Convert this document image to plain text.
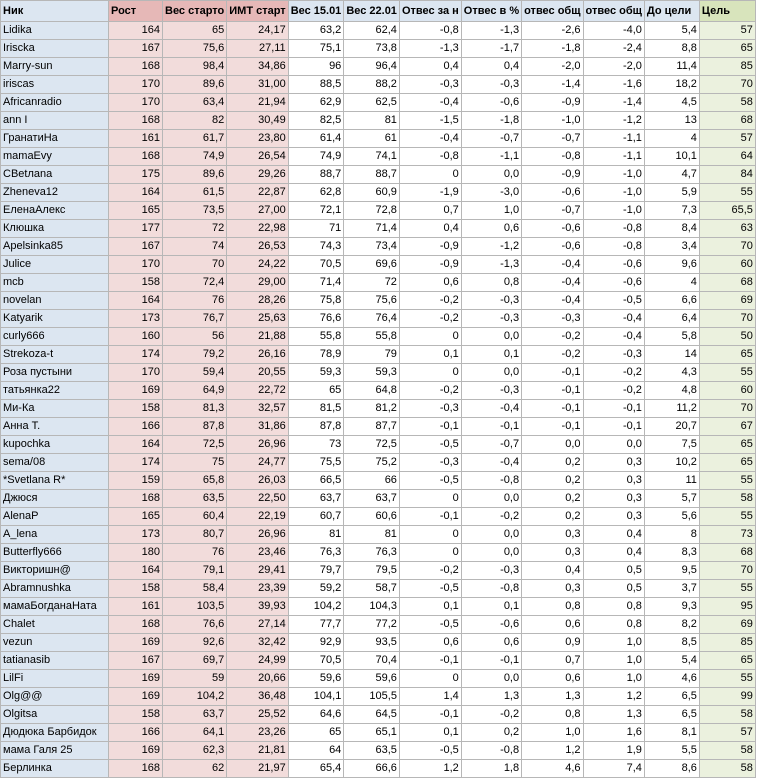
Ник	Рост	Вес старто	ИМТ старт	Вес 15.01	Вес 22.01	Отвес за н	Отвес в %	отвес общ	отвес общ	До цели	Цель
Lidika	164	65	24,17	63,2	62,4	-0,8	-1,3	-2,6	-4,0	5,4	57
Iriscka	167	75,6	27,11	75,1	73,8	-1,3	-1,7	-1,8	-2,4	8,8	65
Marry-sun	168	98,4	34,86	96	96,4	0,4	0,4	-2,0	-2,0	11,4	85
iriscas	170	89,6	31,00	88,5	88,2	-0,3	-0,3	-1,4	-1,6	18,2	70
Africanradio	170	63,4	21,94	62,9	62,5	-0,4	-0,6	-0,9	-1,4	4,5	58
ann I	168	82	30,49	82,5	81	-1,5	-1,8	-1,0	-1,2	13	68
ГранатиНа	161	61,7	23,80	61,4	61	-0,4	-0,7	-0,7	-1,1	4	57
mamaEvy	168	74,9	26,54	74,9	74,1	-0,8	-1,1	-0,8	-1,1	10,1	64
CBetлana	175	89,6	29,26	88,7	88,7	0	0,0	-0,9	-1,0	4,7	84
Zheneva12	164	61,5	22,87	62,8	60,9	-1,9	-3,0	-0,6	-1,0	5,9	55
ЕленаАлекс	165	73,5	27,00	72,1	72,8	0,7	1,0	-0,7	-1,0	7,3	65,5
Клюшка	177	72	22,98	71	71,4	0,4	0,6	-0,6	-0,8	8,4	63
Apelsinka85	167	74	26,53	74,3	73,4	-0,9	-1,2	-0,6	-0,8	3,4	70
Julice	170	70	24,22	70,5	69,6	-0,9	-1,3	-0,4	-0,6	9,6	60
mcb	158	72,4	29,00	71,4	72	0,6	0,8	-0,4	-0,6	4	68
novelan	164	76	28,26	75,8	75,6	-0,2	-0,3	-0,4	-0,5	6,6	69
Katyarik	173	76,7	25,63	76,6	76,4	-0,2	-0,3	-0,3	-0,4	6,4	70
curly666	160	56	21,88	55,8	55,8	0	0,0	-0,2	-0,4	5,8	50
Strekoza-t	174	79,2	26,16	78,9	79	0,1	0,1	-0,2	-0,3	14	65
Роза пустыни	170	59,4	20,55	59,3	59,3	0	0,0	-0,1	-0,2	4,3	55
татьянка22	169	64,9	22,72	65	64,8	-0,2	-0,3	-0,1	-0,2	4,8	60
Ми-Ка	158	81,3	32,57	81,5	81,2	-0,3	-0,4	-0,1	-0,1	11,2	70
Анна Т.	166	87,8	31,86	87,8	87,7	-0,1	-0,1	-0,1	-0,1	20,7	67
kupochka	164	72,5	26,96	73	72,5	-0,5	-0,7	0,0	0,0	7,5	65
sema/08	174	75	24,77	75,5	75,2	-0,3	-0,4	0,2	0,3	10,2	65
*Svetlana R*	159	65,8	26,03	66,5	66	-0,5	-0,8	0,2	0,3	11	55
Джюся	168	63,5	22,50	63,7	63,7	0	0,0	0,2	0,3	5,7	58
AlenaP	165	60,4	22,19	60,7	60,6	-0,1	-0,2	0,2	0,3	5,6	55
A_lena	173	80,7	26,96	81	81	0	0,0	0,3	0,4	8	73
Butterfly666	180	76	23,46	76,3	76,3	0	0,0	0,3	0,4	8,3	68
Викторишн@	164	79,1	29,41	79,7	79,5	-0,2	-0,3	0,4	0,5	9,5	70
Abramnushka	158	58,4	23,39	59,2	58,7	-0,5	-0,8	0,3	0,5	3,7	55
мамаБогданаНата	161	103,5	39,93	104,2	104,3	0,1	0,1	0,8	0,8	9,3	95
Chalet	168	76,6	27,14	77,7	77,2	-0,5	-0,6	0,6	0,8	8,2	69
vezun	169	92,6	32,42	92,9	93,5	0,6	0,6	0,9	1,0	8,5	85
tatianasib	167	69,7	24,99	70,5	70,4	-0,1	-0,1	0,7	1,0	5,4	65
LilFi	169	59	20,66	59,6	59,6	0	0,0	0,6	1,0	4,6	55
Olg@@	169	104,2	36,48	104,1	105,5	1,4	1,3	1,3	1,2	6,5	99
Olgitsa	158	63,7	25,52	64,6	64,5	-0,1	-0,2	0,8	1,3	6,5	58
Дюдюка Барбидок	166	64,1	23,26	65	65,1	0,1	0,2	1,0	1,6	8,1	57
мама Галя 25	169	62,3	21,81	64	63,5	-0,5	-0,8	1,2	1,9	5,5	58
Берлинка	168	62	21,97	65,4	66,6	1,2	1,8	4,6	7,4	8,6	58
